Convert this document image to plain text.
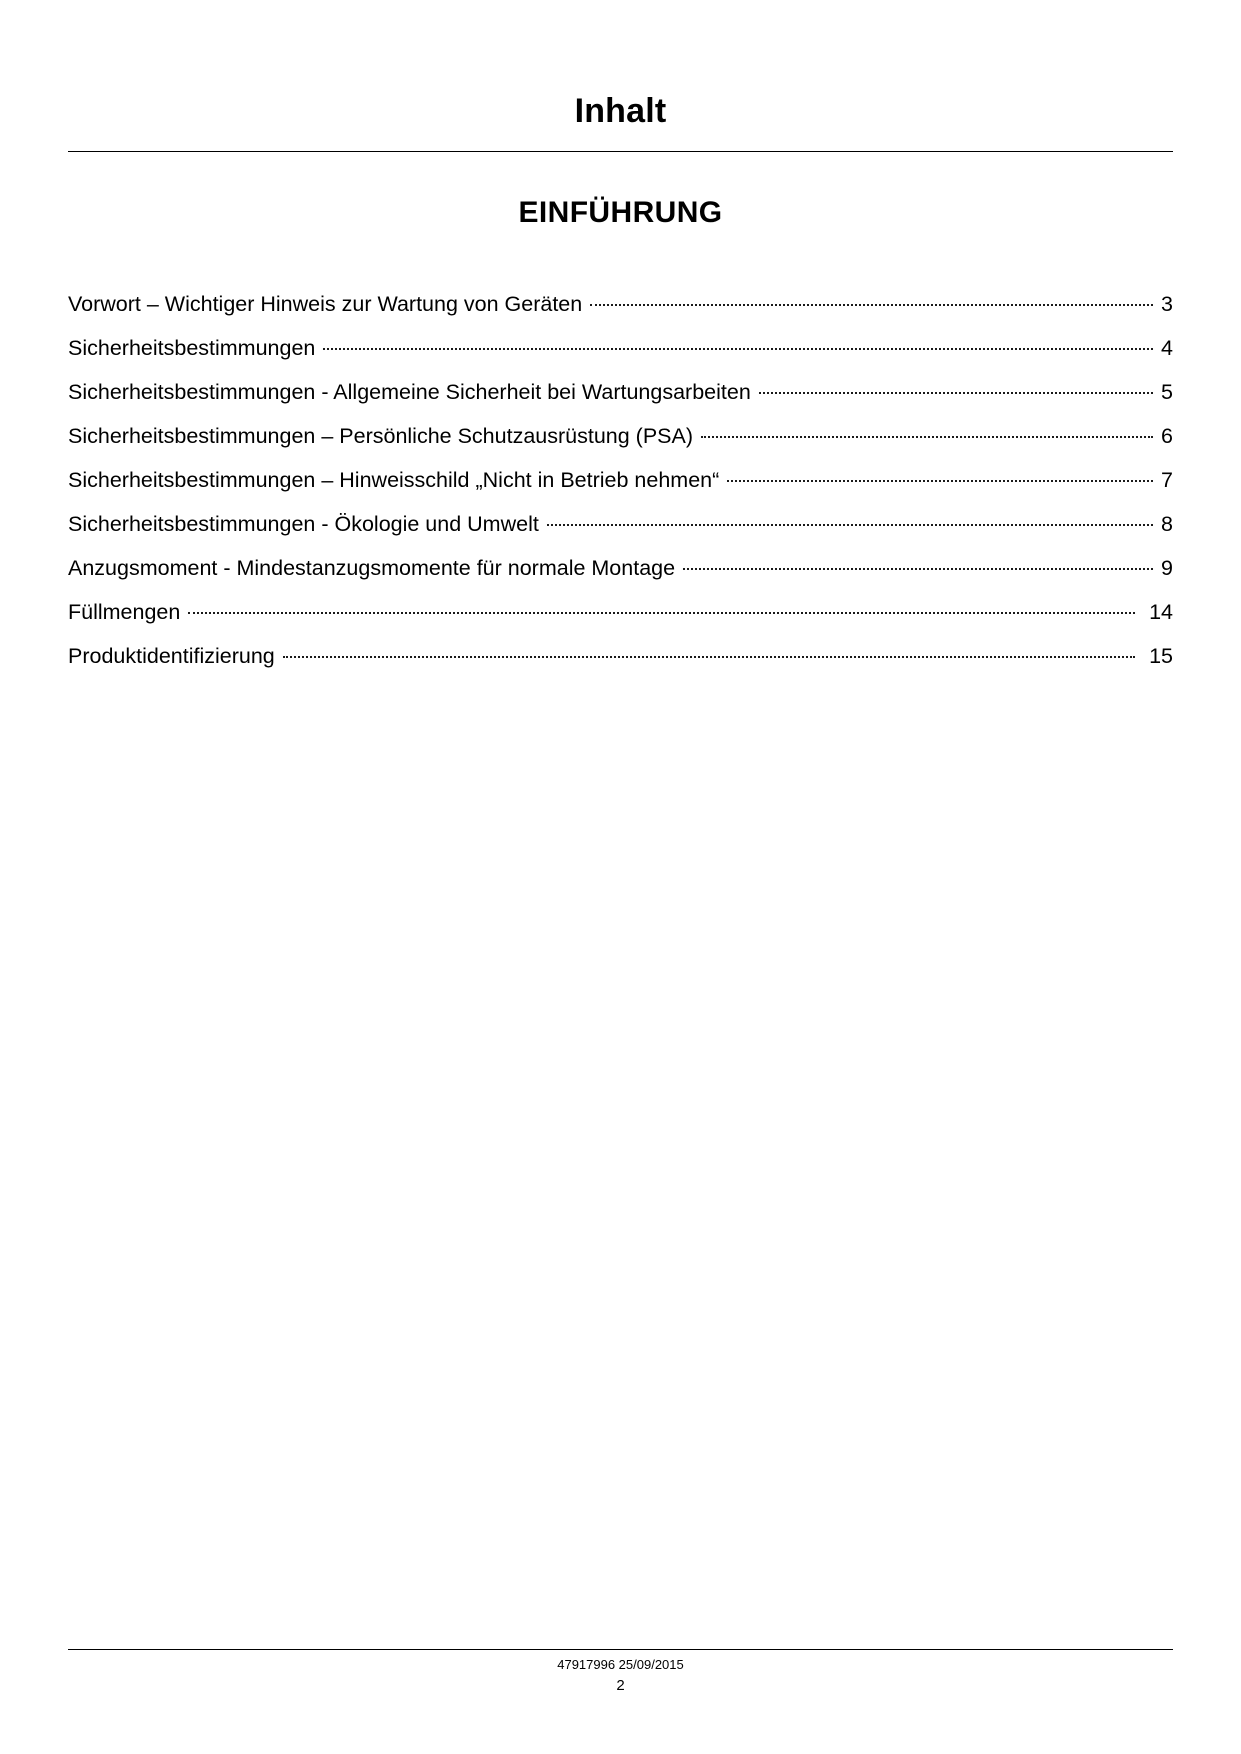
Inhalt
EINFÜHRUNG
Vorwort – Wichtiger Hinweis zur Wartung von Geräten	3
Sicherheitsbestimmungen	4
Sicherheitsbestimmungen - Allgemeine Sicherheit bei Wartungsarbeiten	5
Sicherheitsbestimmungen – Persönliche Schutzausrüstung (PSA)	6
Sicherheitsbestimmungen – Hinweisschild „Nicht in Betrieb nehmen“	7
Sicherheitsbestimmungen - Ökologie und Umwelt	8
Anzugsmoment - Mindestanzugsmomente für normale Montage	9
Füllmengen	14
Produktidentifizierung	15
47917996 25/09/2015
2
